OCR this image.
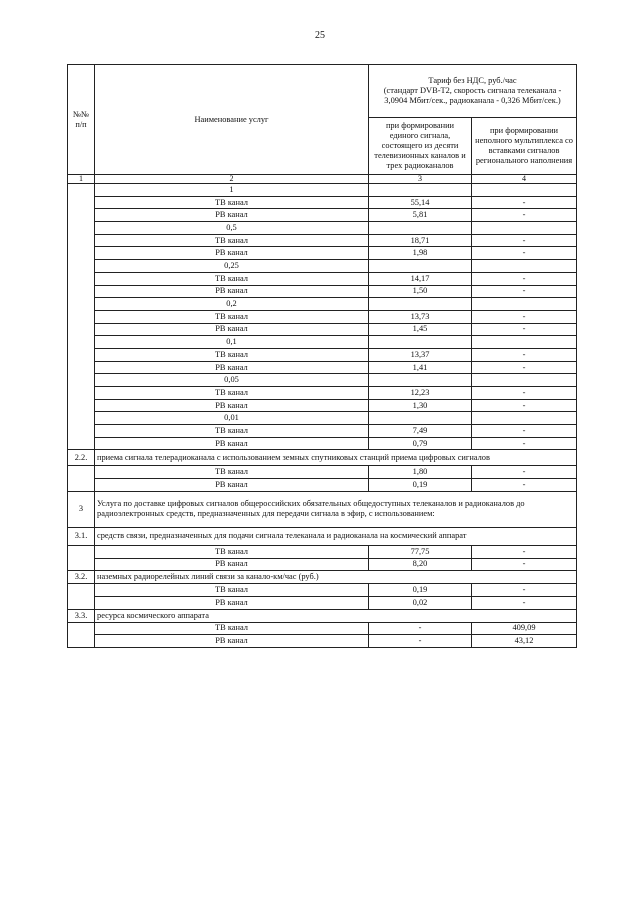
25
№№
п/п	Наименование услуг	Тариф без НДС, руб./час
(стандарт DVB-T2, скорость сигнала телеканала -
3,0904 Мбит/сек., радиоканала - 0,326 Мбит/сек.)	
		при формировании
единого сигнала,
состоящего из десяти
телевизионных каналов и
трех радиоканалов	при формировании
неполного мультиплекса со
вставками сигналов
регионального наполнения
1	2	3	4
	1		
	ТВ канал	55,14	-
	РВ канал	5,81	-
	0,5		
	ТВ канал	18,71	-
	РВ канал	1,98	-
	0,25		
	ТВ канал	14,17	-
	РВ канал	1,50	-
	0,2		
	ТВ канал	13,73	-
	РВ канал	1,45	-
	0,1		
	ТВ канал	13,37	-
	РВ канал	1,41	-
	0,05		
	ТВ канал	12,23	-
	РВ канал	1,30	-
	0,01		
	ТВ канал	7,49	-
	РВ канал	0,79	-
2.2.	приема сигнала телерадиоканала с использованием земных спутниковых станций приема цифровых сигналов		
	ТВ канал	1,80	-
	РВ канал	0,19	-
3	Услуга по доставке цифровых сигналов общероссийских обязательных общедоступных телеканалов и радиоканалов до радиоэлектронных средств, предназначенных для передачи сигнала в эфир, с использованием:		
3.1.	средств связи, предназначенных для подачи сигнала телеканала и радиоканала на космический аппарат		
	ТВ канал	77,75	-
	РВ канал	8,20	-
3.2.	наземных радиорелейных линий связи за канало-км/час (руб.)		
	ТВ канал	0,19	-
	РВ канал	0,02	-
3.3.	ресурса космического аппарата		
	ТВ канал	-	409,09
	РВ канал	-	43,12
